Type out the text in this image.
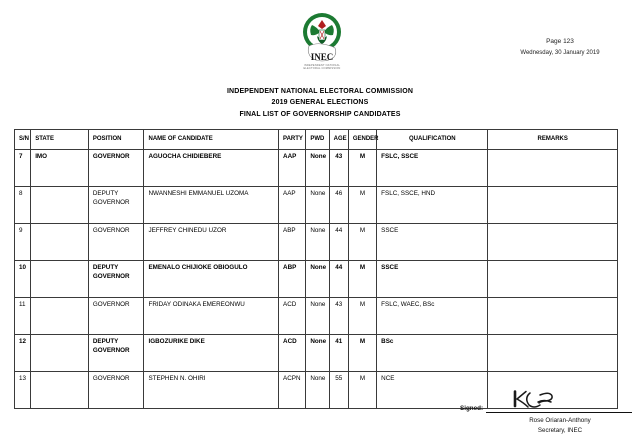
INEC
INDEPENDENT NATIONAL
ELECTORAL COMMISSION
Page 123
Wednesday, 30 January 2019
INDEPENDENT NATIONAL ELECTORAL COMMISSION
2019 GENERAL ELECTIONS
FINAL LIST OF GOVERNORSHIP CANDIDATES
S/N	STATE	POSITION	NAME OF CANDIDATE	PARTY	PWD	AGE	GENDER	QUALIFICATION	REMARKS
7	IMO	GOVERNOR	AGUOCHA CHIDIEBERE	AAP	None	43	M	FSLC, SSCE	
8		DEPUTY GOVERNOR	NWANNESHI EMMANUEL UZOMA	AAP	None	46	M	FSLC, SSCE, HND	
9		GOVERNOR	JEFFREY CHINEDU UZOR	ABP	None	44	M	SSCE	
10		DEPUTY GOVERNOR	EMENALO CHIJIOKE OBIOGULO	ABP	None	44	M	SSCE	
11		GOVERNOR	FRIDAY ODINAKA EMEREONWU	ACD	None	43	M	FSLC, WAEC, BSc	
12		DEPUTY GOVERNOR	IGBOZURIKE DIKE	ACD	None	41	M	BSc	
13		GOVERNOR	STEPHEN N. OHIRI	ACPN	None	55	M	NCE	
Signed:
Rose Oriaran-Anthony
Secretary, INEC
